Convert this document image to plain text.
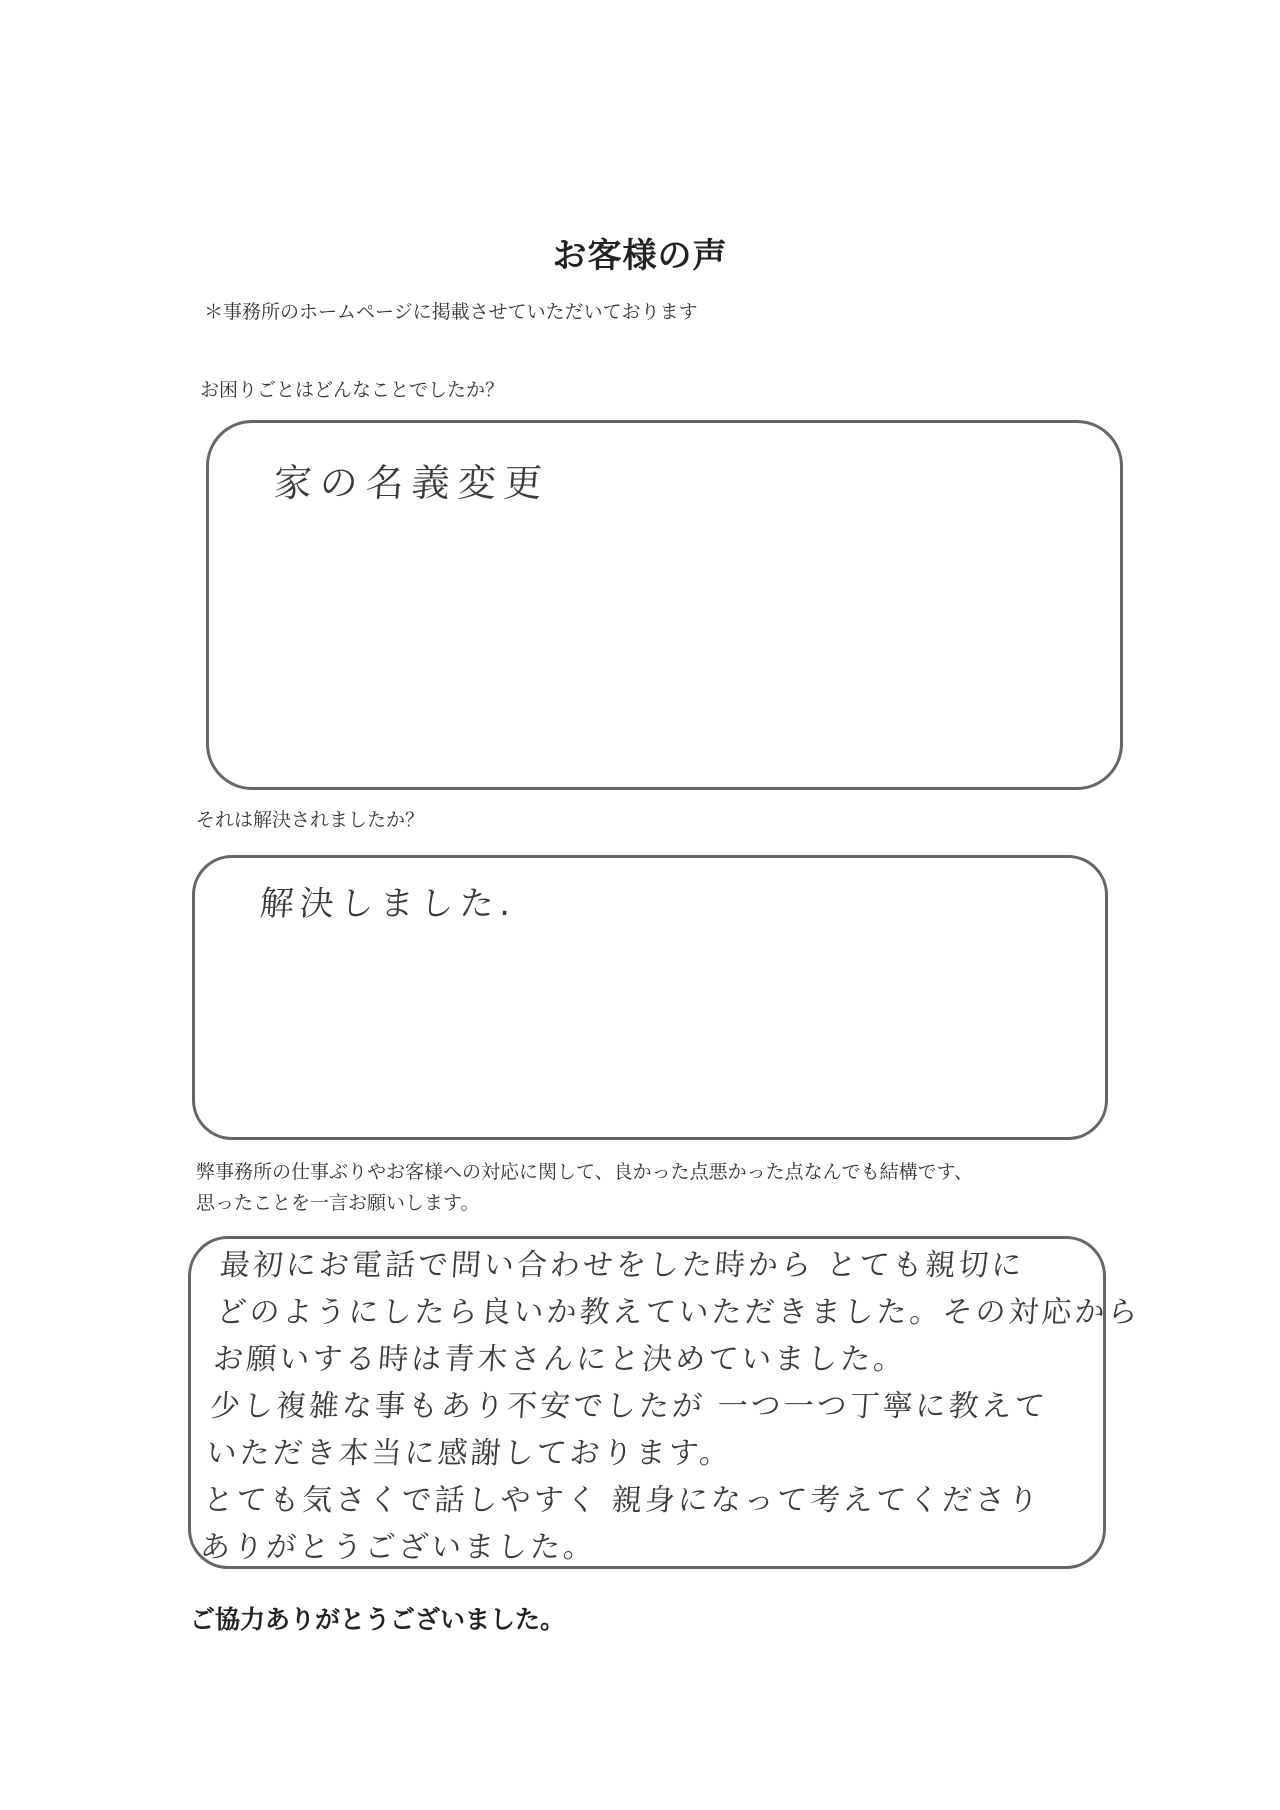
お客様の声
＊事務所のホームページに掲載させていただいております
お困りごとはどんなことでしたか？
家の名義変更
それは解決されましたか？
解決しました.
弊事務所の仕事ぶりやお客様への対応に関して、良かった点悪かった点なんでも結構です、
思ったことを一言お願いします。
最初にお電話で問い合わせをした時から とても親切に
どのようにしたら良いか教えていただきました。その対応から
お願いする時は青木さんにと決めていました。
少し複雑な事もあり不安でしたが 一つ一つ丁寧に教えて
いただき本当に感謝しております。
とても気さくで話しやすく 親身になって考えてくださり
ありがとうございました。
ご協力ありがとうございました。
